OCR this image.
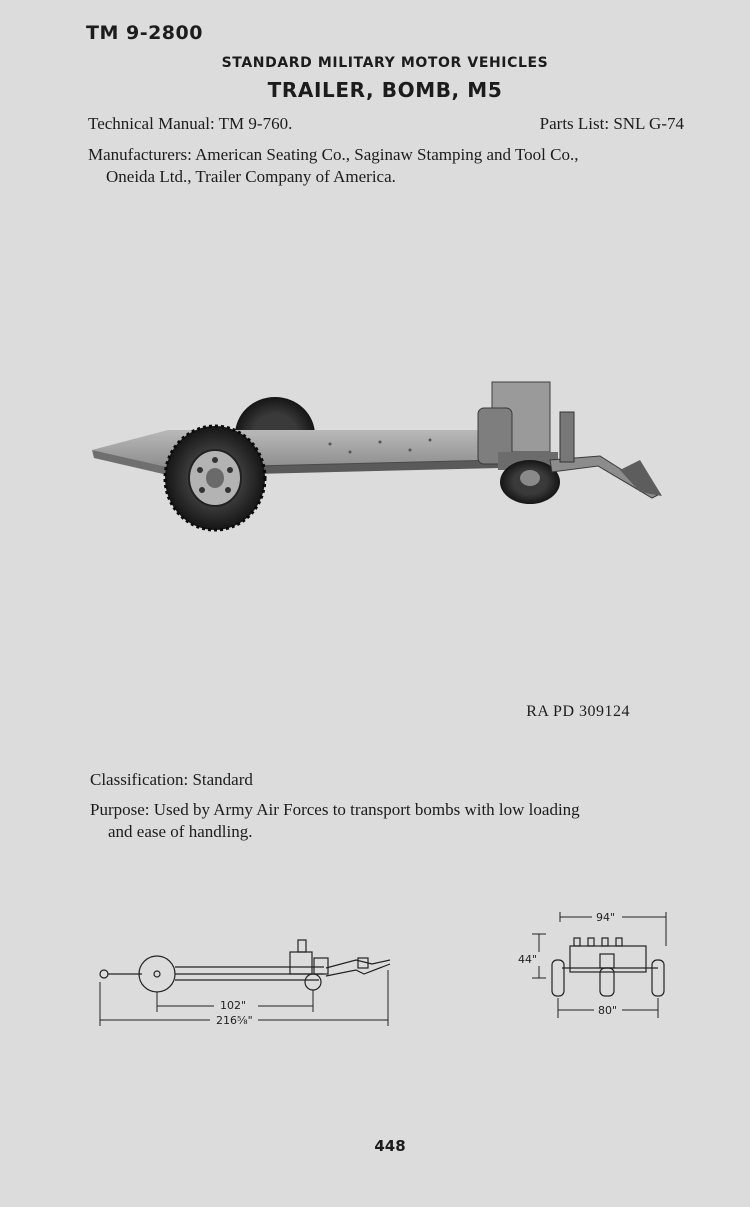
TM 9-2800
STANDARD MILITARY MOTOR VEHICLES
TRAILER, BOMB, M5
Technical Manual: TM 9-760.	Parts List: SNL G-74
Manufacturers: American Seating Co., Saginaw Stamping and Tool Co.,
Oneida Ltd., Trailer Company of America.
RA PD 309124
Classification: Standard
Purpose: Used by Army Air Forces to transport bombs with low loading
and ease of handling.
102"
216⁵⁄₈"
94"
44"
80"
448
